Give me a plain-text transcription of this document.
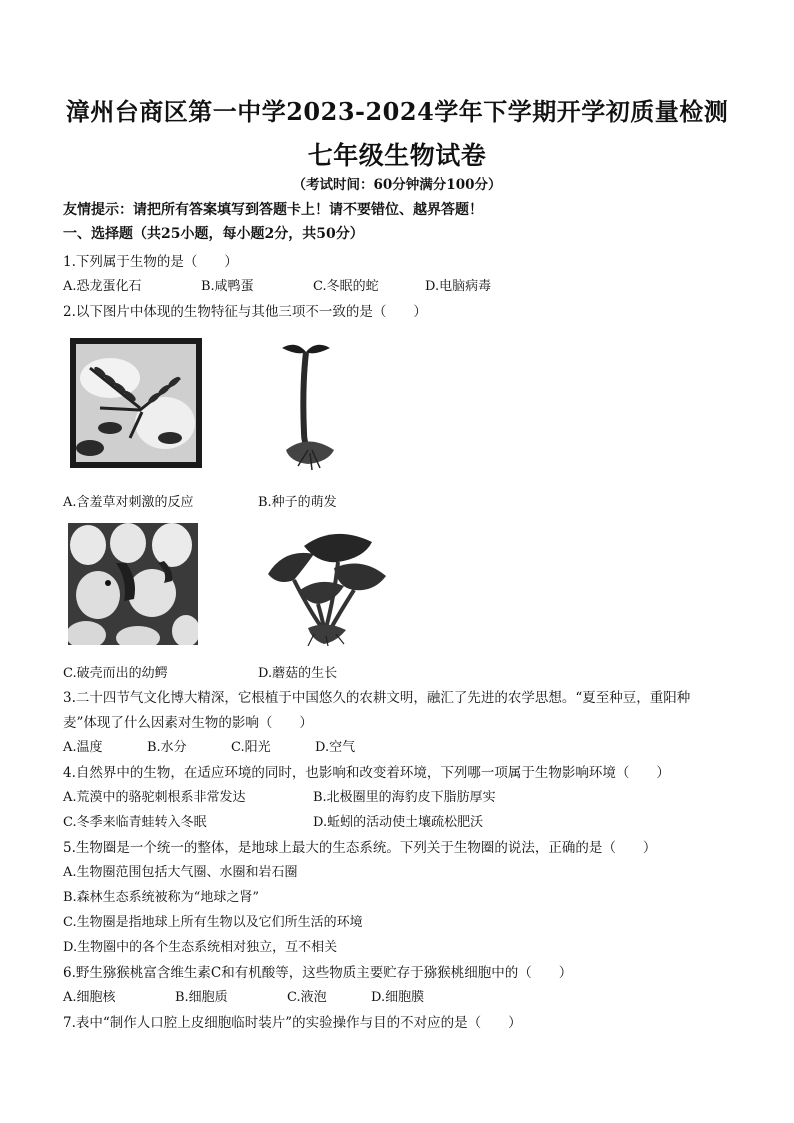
漳州台商区第一中学2023-2024学年下学期开学初质量检测
七年级生物试卷
（考试时间：60分钟满分100分）
友情提示：请把所有答案填写到答题卡上！请不要错位、越界答题！
一、选择题（共25小题，每小题2分，共50分）
1.下列属于生物的是（　　）
A.恐龙蛋化石	B.咸鸭蛋	C.冬眠的蛇	D.电脑病毒
2.以下图片中体现的生物特征与其他三项不一致的是（　　）
A.含羞草对刺激的反应	B.种子的萌发
C.破壳而出的幼鳄	D.蘑菇的生长
3.二十四节气文化博大精深，它根植于中国悠久的农耕文明，融汇了先进的农学思想。“夏至种豆，重阳种
麦”体现了什么因素对生物的影响（　　）
A.温度	B.水分	C.阳光	D.空气
4.自然界中的生物，在适应环境的同时，也影响和改变着环境，下列哪一项属于生物影响环境（　　）
A.荒漠中的骆驼刺根系非常发达	B.北极圈里的海豹皮下脂肪厚实
C.冬季来临青蛙转入冬眠	D.蚯蚓的活动使土壤疏松肥沃
5.生物圈是一个统一的整体，是地球上最大的生态系统。下列关于生物圈的说法，正确的是（　　）
A.生物圈范围包括大气圈、水圈和岩石圈
B.森林生态系统被称为“地球之肾”
C.生物圈是指地球上所有生物以及它们所生活的环境
D.生物圈中的各个生态系统相对独立，互不相关
6.野生猕猴桃富含维生素C和有机酸等，这些物质主要贮存于猕猴桃细胞中的（　　）
A.细胞核	B.细胞质	C.液泡	D.细胞膜
7.表中“制作人口腔上皮细胞临时装片”的实验操作与目的不对应的是（　　）
